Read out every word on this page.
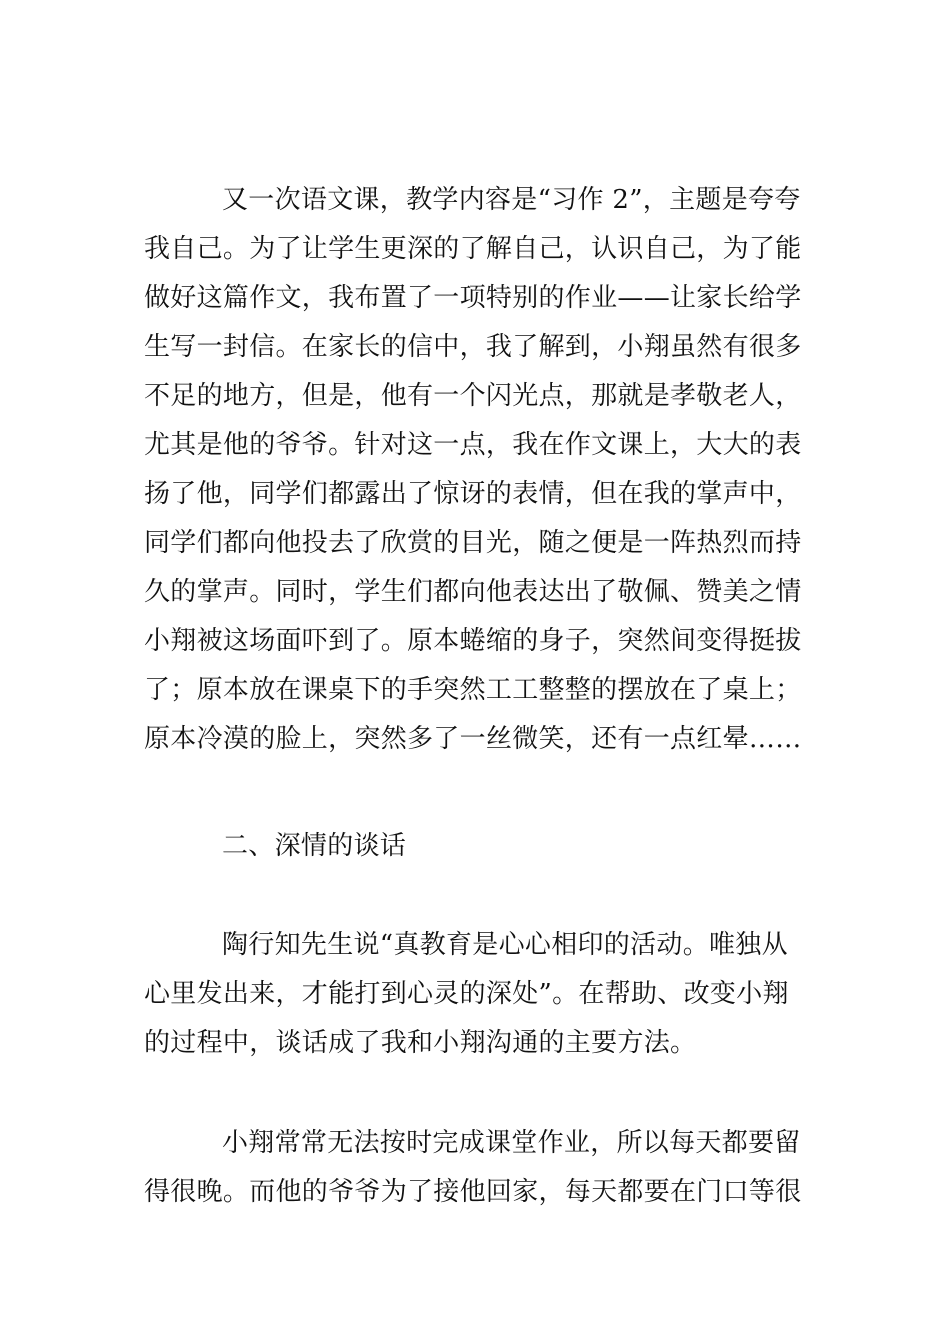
又一次语文课，教学内容是“习作 2”，主题是夸夸
我自己。为了让学生更深的了解自己，认识自己，为了能
做好这篇作文，我布置了一项特别的作业——让家长给学
生写一封信。在家长的信中，我了解到，小翔虽然有很多
不足的地方，但是，他有一个闪光点，那就是孝敬老人，
尤其是他的爷爷。针对这一点，我在作文课上，大大的表
扬了他，同学们都露出了惊讶的表情，但在我的掌声中，
同学们都向他投去了欣赏的目光，随之便是一阵热烈而持
久的掌声。同时，学生们都向他表达出了敬佩、赞美之情
小翔被这场面吓到了。原本蜷缩的身子，突然间变得挺拔
了；原本放在课桌下的手突然工工整整的摆放在了桌上；
原本冷漠的脸上，突然多了一丝微笑，还有一点红晕……
二、深情的谈话
陶行知先生说“真教育是心心相印的活动。唯独从
心里发出来，才能打到心灵的深处”。在帮助、改变小翔
的过程中，谈话成了我和小翔沟通的主要方法。
小翔常常无法按时完成课堂作业，所以每天都要留
得很晚。而他的爷爷为了接他回家，每天都要在门口等很
